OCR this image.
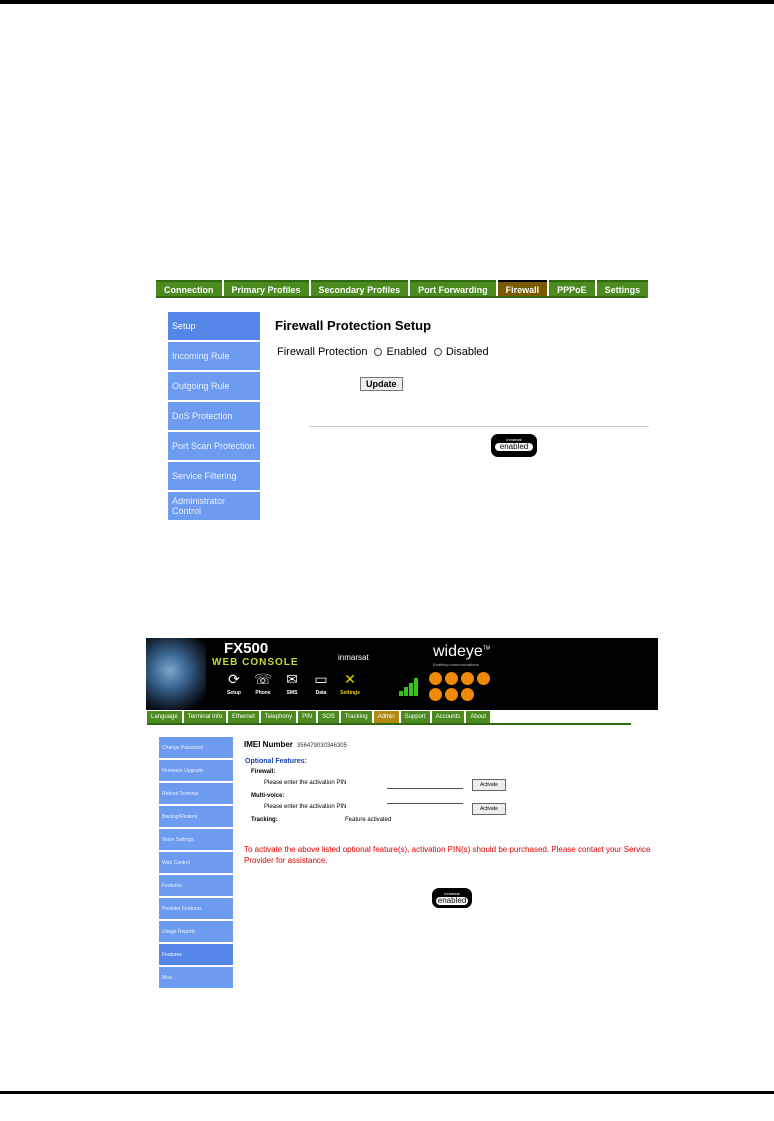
Connection	Primary Profiles	Secondary Profiles	Port Forwarding	Firewall	PPPoE	Settings
Setup
Incoming Rule
Outgoing Rule
DoS Protection
Port Scan Protection
Service Filtering
Administrator Control
Firewall Protection Setup
Firewall Protection Enabled Disabled
Update
inmarsat
enabled
FX500
WEB CONSOLE	inmarsat	wideye™
Enabling communications
⟳
Setup
☏
Phone
✉
SMS
▭
Data
✕
Settings
Language	Terminal Info	Ethernet	Telephony	PIN	SOS	Tracking	Admin	Support	Accounts	About
Change Password
Firmware Upgrade
Reboot Terminal
Backup/Restore
Voice Settings
Web Control
Features
Provider Features
Usage Reports
Features
Misc
IMEI Number 356479030346305
Optional Features:
Firewall:
Please enter the activation PIN	Activate
Multi-voice:
Please enter the activation PIN	Activate
Tracking:	Feature activated
To activate the above listed optional feature(s), activation PIN(s) should be purchased. Please contact your Service Provider for assistance.
inmarsat
enabled
